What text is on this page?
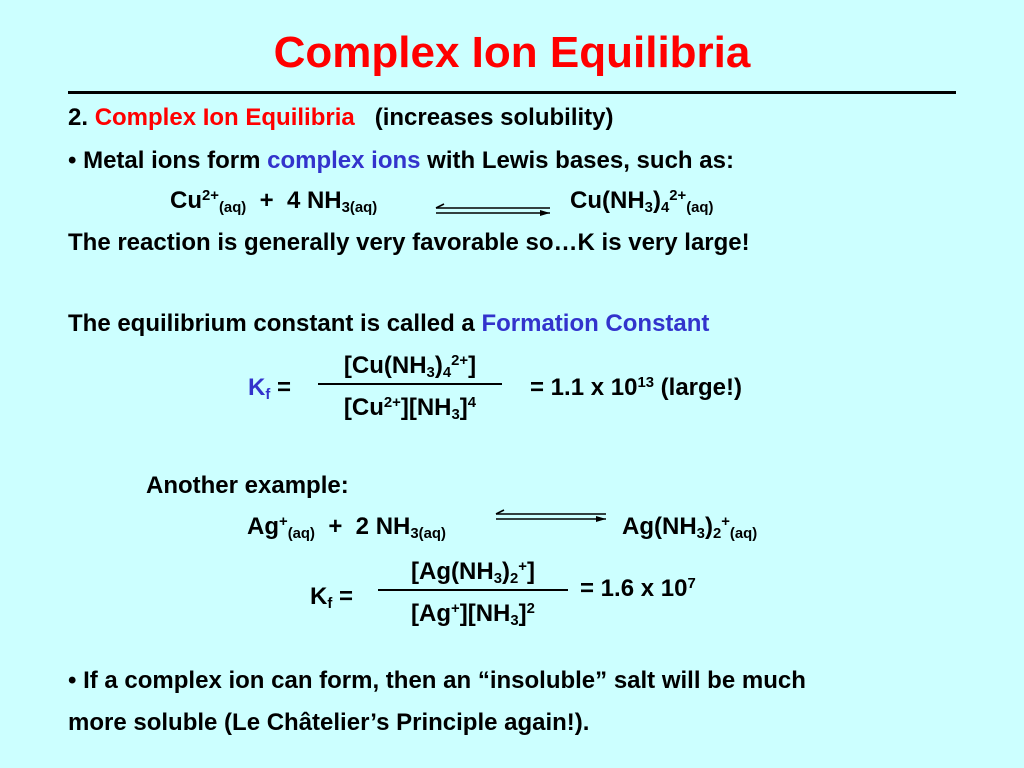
Complex Ion Equilibria
2. Complex Ion Equilibria (increases solubility)
• Metal ions form complex ions with Lewis bases, such as:
$Cu^{2+}_{(aq)} + 4$ $NH_{3(aq)}$	$Cu(NH_3)_4^{2+}_{(aq)}$
The reaction is generally very favorable so…K is very large!
The equilibrium constant is called a Formation Constant
$K_f$ =
$[Cu(NH_3)_4^{2+}]$
$[Cu^{2+}][NH_3]^4$
= 1.1 x $10^{13}$ (large!)
Another example:
$Ag^+_{(aq)} + 2$ $NH_{3(aq)}$	$Ag(NH_3)_2^+_{(aq)}$
$K_f$ =
$[Ag(NH_3)_2^+]$
$[Ag^+][NH_3]^2$
= 1.6 x $10^7$
• If a complex ion can form, then an “insoluble” salt will be much
more soluble (Le Châtelier’s Principle again!).
